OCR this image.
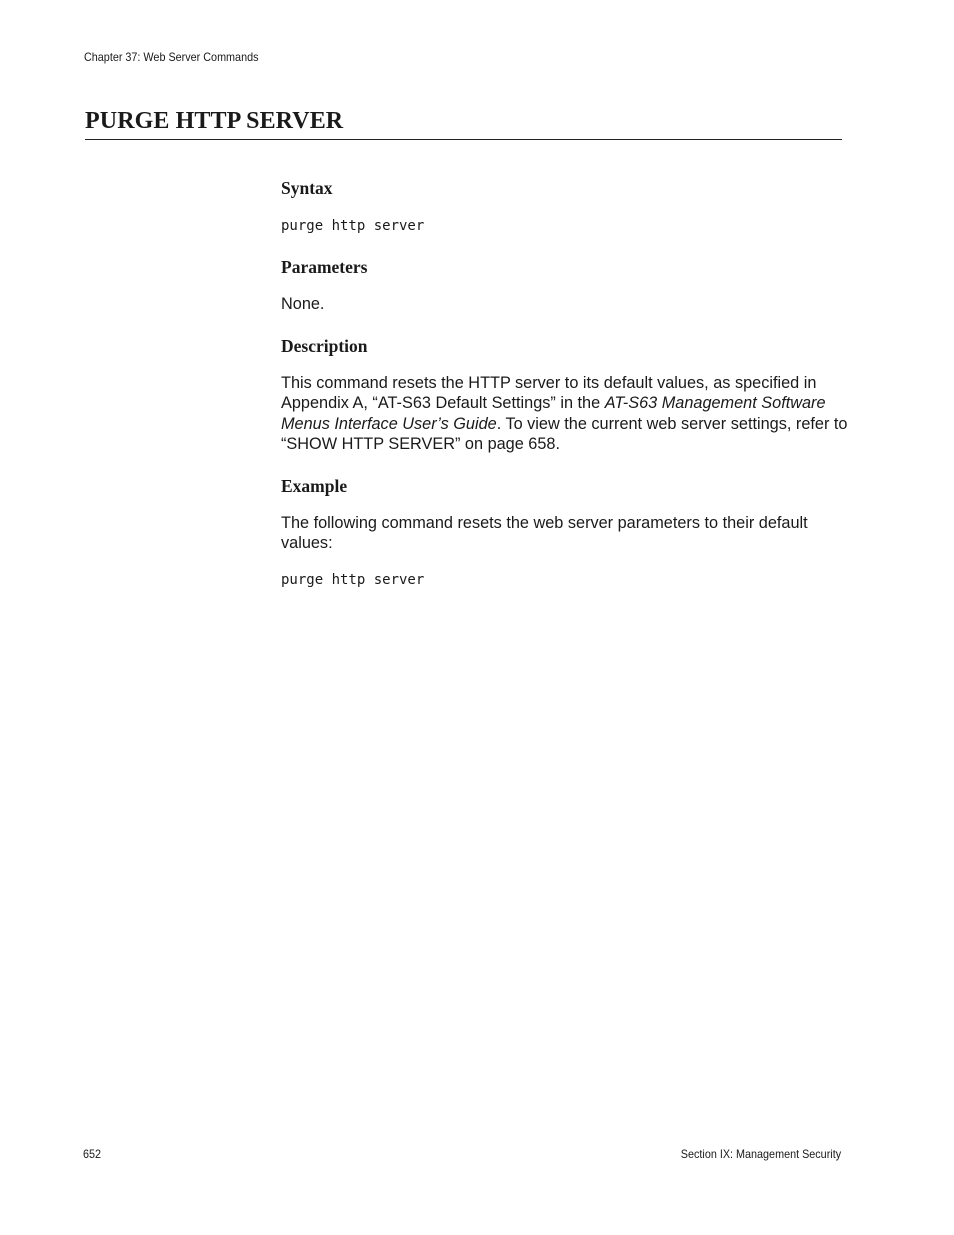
Chapter 37: Web Server Commands
PURGE HTTP SERVER
Syntax

purge http server

Parameters

None.

Description

This command resets the HTTP server to its default values, as specified in Appendix A, “AT-S63 Default Settings” in the AT-S63 Management Software Menus Interface User’s Guide. To view the current web server settings, refer to “SHOW HTTP SERVER” on page 658.

Example

The following command resets the web server parameters to their default values:

purge http server

652	Section IX: Management Security
